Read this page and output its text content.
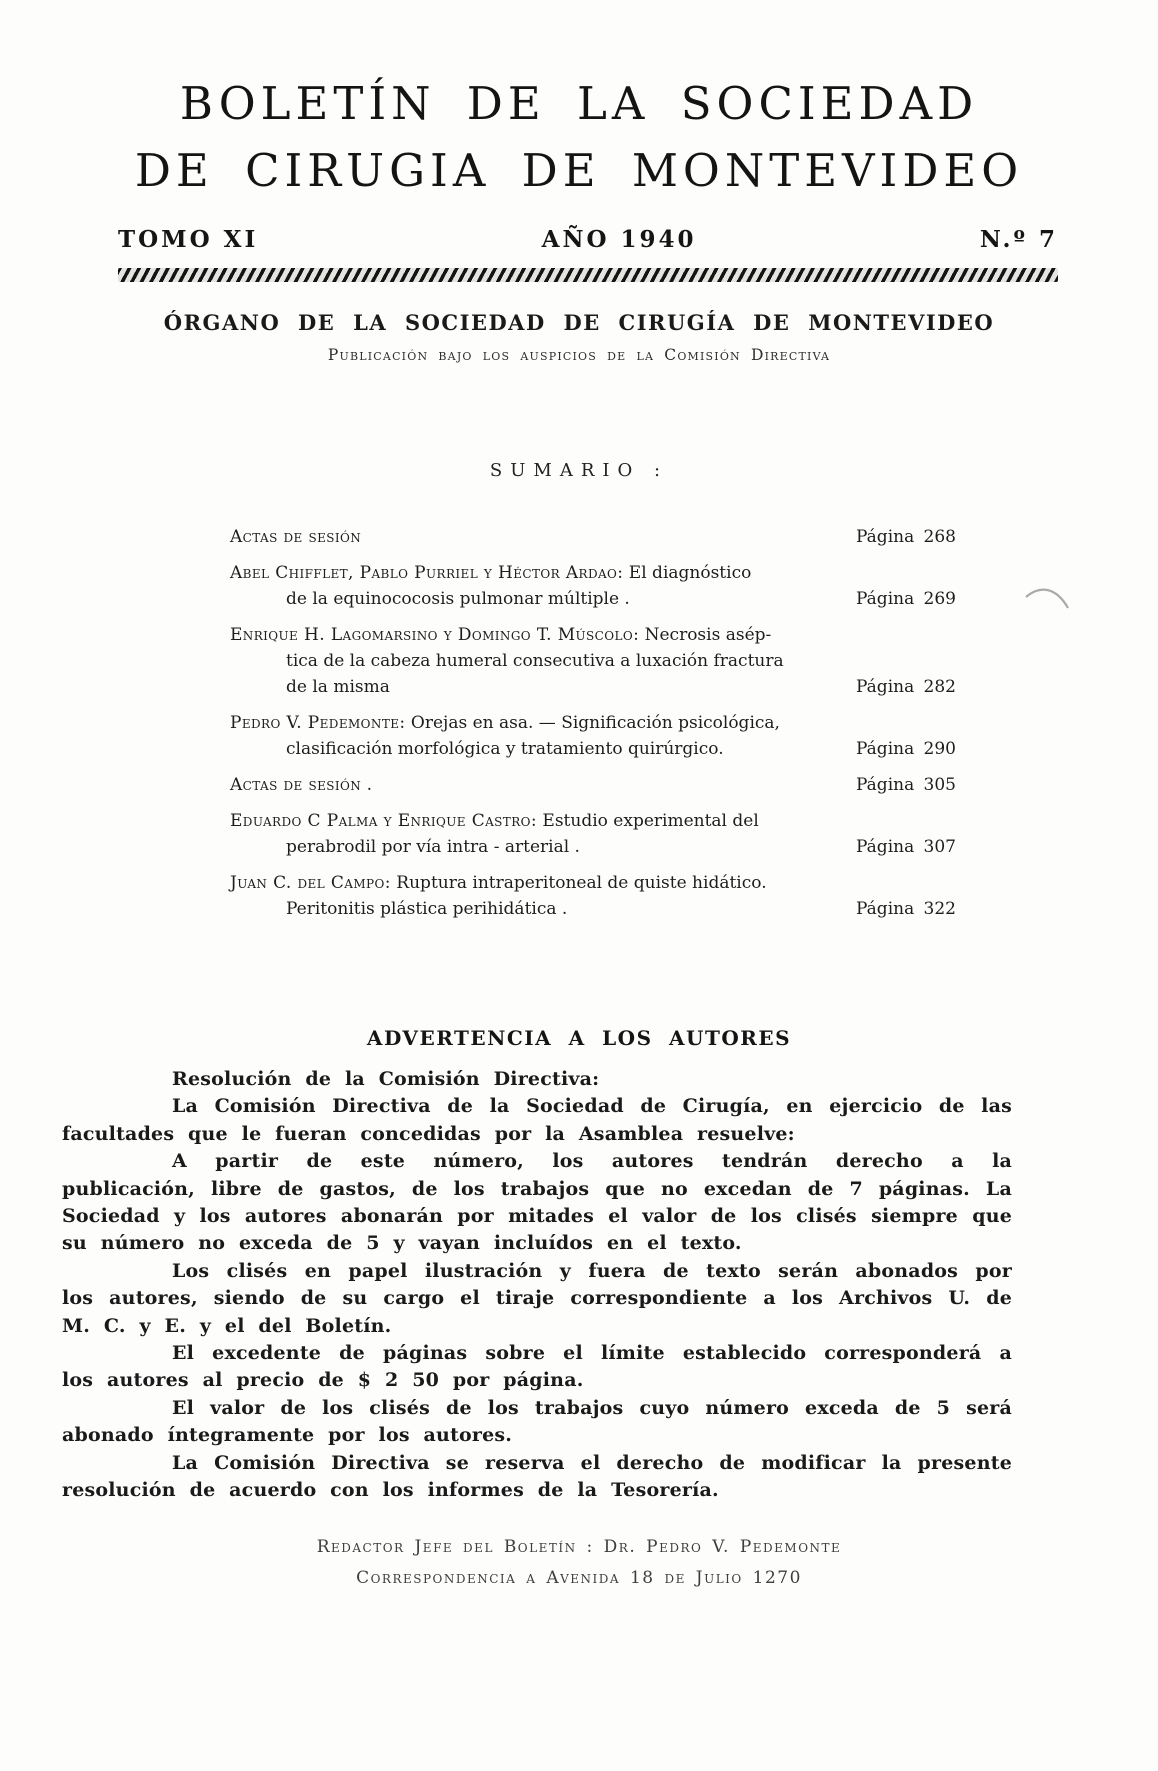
BOLETÍN DE LA SOCIEDAD
DE CIRUGIA DE MONTEVIDEO
TOMO XI	AÑO 1940	N.º 7
ÓRGANO DE LA SOCIEDAD DE CIRUGÍA DE MONTEVIDEO
Publicación bajo los auspicios de la Comisión Directiva
SUMARIO :
Actas de sesión	Página 268
Abel Chifflet, Pablo Purriel y Héctor Ardao: El diagnóstico
de la equinococosis pulmonar múltiple .	Página 269
Enrique H. Lagomarsino y Domingo T. Múscolo: Necrosis asép-
tica de la cabeza humeral consecutiva a luxación fractura
de la misma	Página 282
Pedro V. Pedemonte: Orejas en asa. — Significación psicológica,
clasificación morfológica y tratamiento quirúrgico.	Página 290
Actas de sesión .	Página 305
Eduardo C Palma y Enrique Castro: Estudio experimental del
perabrodil por vía intra - arterial .	Página 307
Juan C. del Campo: Ruptura intraperitoneal de quiste hidático.
Peritonitis plástica perihidática .	Página 322
ADVERTENCIA A LOS AUTORES

Resolución de la Comisión Directiva:

La Comisión Directiva de la Sociedad de Cirugía, en ejercicio de las facultades que le fueran concedidas por la Asamblea resuelve:

A partir de este número, los autores tendrán derecho a la publicación, libre de gastos, de los trabajos que no excedan de 7 páginas. La Sociedad y los autores abonarán por mitades el valor de los clisés siempre que su número no exceda de 5 y vayan incluídos en el texto.

Los clisés en papel ilustración y fuera de texto serán abonados por los autores, siendo de su cargo el tiraje correspondiente a los Archivos U. de M. C. y E. y el del Boletín.

El excedente de páginas sobre el límite establecido corresponderá a los autores al precio de $ 2 50 por página.

El valor de los clisés de los trabajos cuyo número exceda de 5 será abonado íntegramente por los autores.

La Comisión Directiva se reserva el derecho de modificar la presente resolución de acuerdo con los informes de la Tesorería.

Redactor Jefe del Boletín : Dr. Pedro V. Pedemonte
Correspondencia a Avenida 18 de Julio 1270
